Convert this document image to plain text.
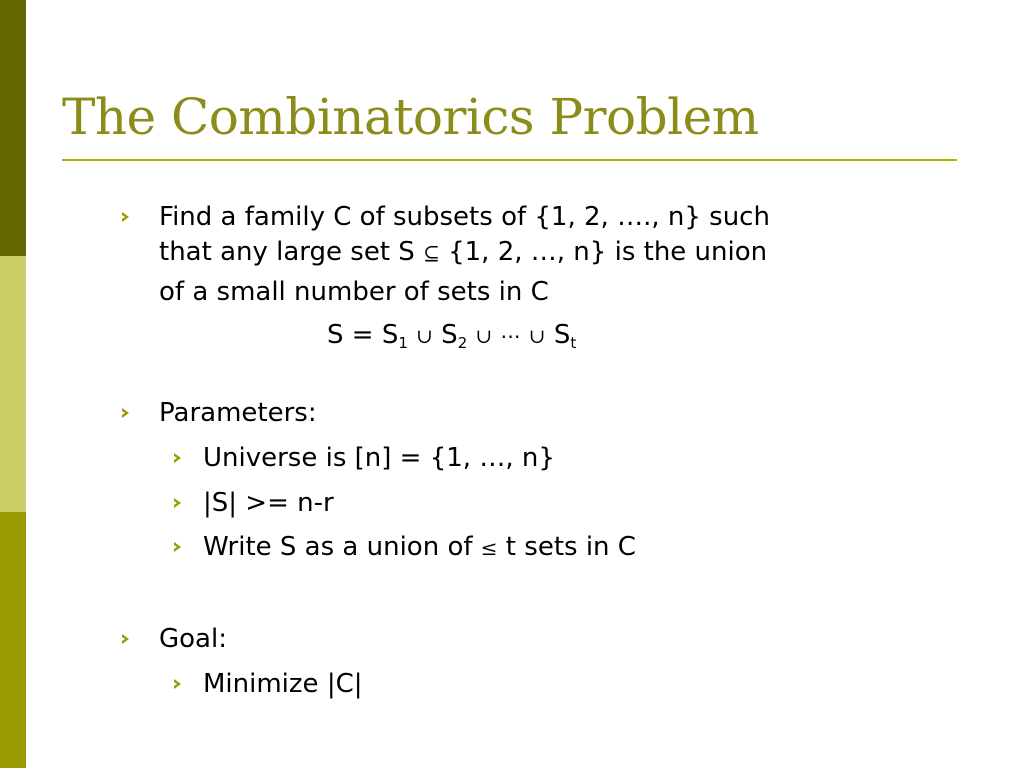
The Combinatorics Problem
Find a family C of subsets of {1, 2, …., n} such
that any large set S ⊆ {1, 2, …, n} is the union
of a small number of sets in C
$S = S_1$ ∪ $S_2$ ∪ ⋯ ∪ $S_t$
Parameters:
Universe is [n] = {1, …, n}
|S| >= n-r
Write S as a union of ≤ t sets in C
Goal:
Minimize |C|
